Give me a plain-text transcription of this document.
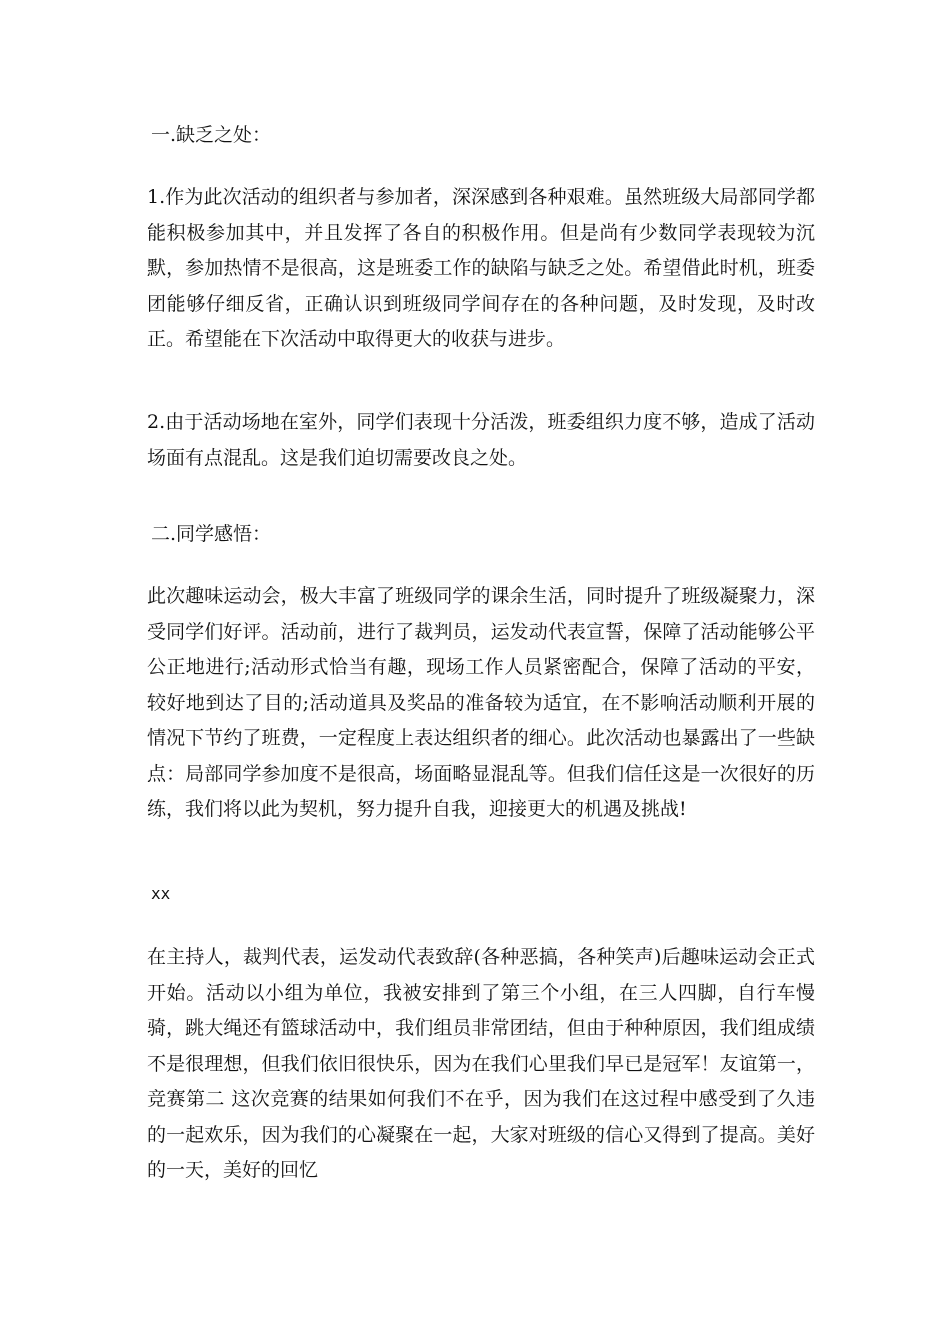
一.缺乏之处：

1.作为此次活动的组织者与参加者，深深感到各种艰难。虽然班级大局部同学都能积极参加其中，并且发挥了各自的积极作用。但是尚有少数同学表现较为沉默，参加热情不是很高，这是班委工作的缺陷与缺乏之处。希望借此时机，班委团能够仔细反省，正确认识到班级同学间存在的各种问题，及时发现，及时改正。希望能在下次活动中取得更大的收获与进步。

2.由于活动场地在室外，同学们表现十分活泼，班委组织力度不够，造成了活动场面有点混乱。这是我们迫切需要改良之处。

二.同学感悟：

此次趣味运动会，极大丰富了班级同学的课余生活，同时提升了班级凝聚力，深受同学们好评。活动前，进行了裁判员，运发动代表宣誓，保障了活动能够公平公正地进行;活动形式恰当有趣，现场工作人员紧密配合，保障了活动的平安，较好地到达了目的;活动道具及奖品的准备较为适宜，在不影响活动顺利开展的情况下节约了班费，一定程度上表达组织者的细心。此次活动也暴露出了一些缺点：局部同学参加度不是很高，场面略显混乱等。但我们信任这是一次很好的历练，我们将以此为契机，努力提升自我，迎接更大的机遇及挑战!

xx

在主持人，裁判代表，运发动代表致辞(各种恶搞，各种笑声)后趣味运动会正式开始。活动以小组为单位，我被安排到了第三个小组，在三人四脚，自行车慢骑，跳大绳还有篮球活动中，我们组员非常团结，但由于种种原因，我们组成绩不是很理想，但我们依旧很快乐，因为在我们心里我们早已是冠军！友谊第一，竞赛第二 这次竞赛的结果如何我们不在乎，因为我们在这过程中感受到了久违的一起欢乐，因为我们的心凝聚在一起，大家对班级的信心又得到了提高。美好的一天，美好的回忆
